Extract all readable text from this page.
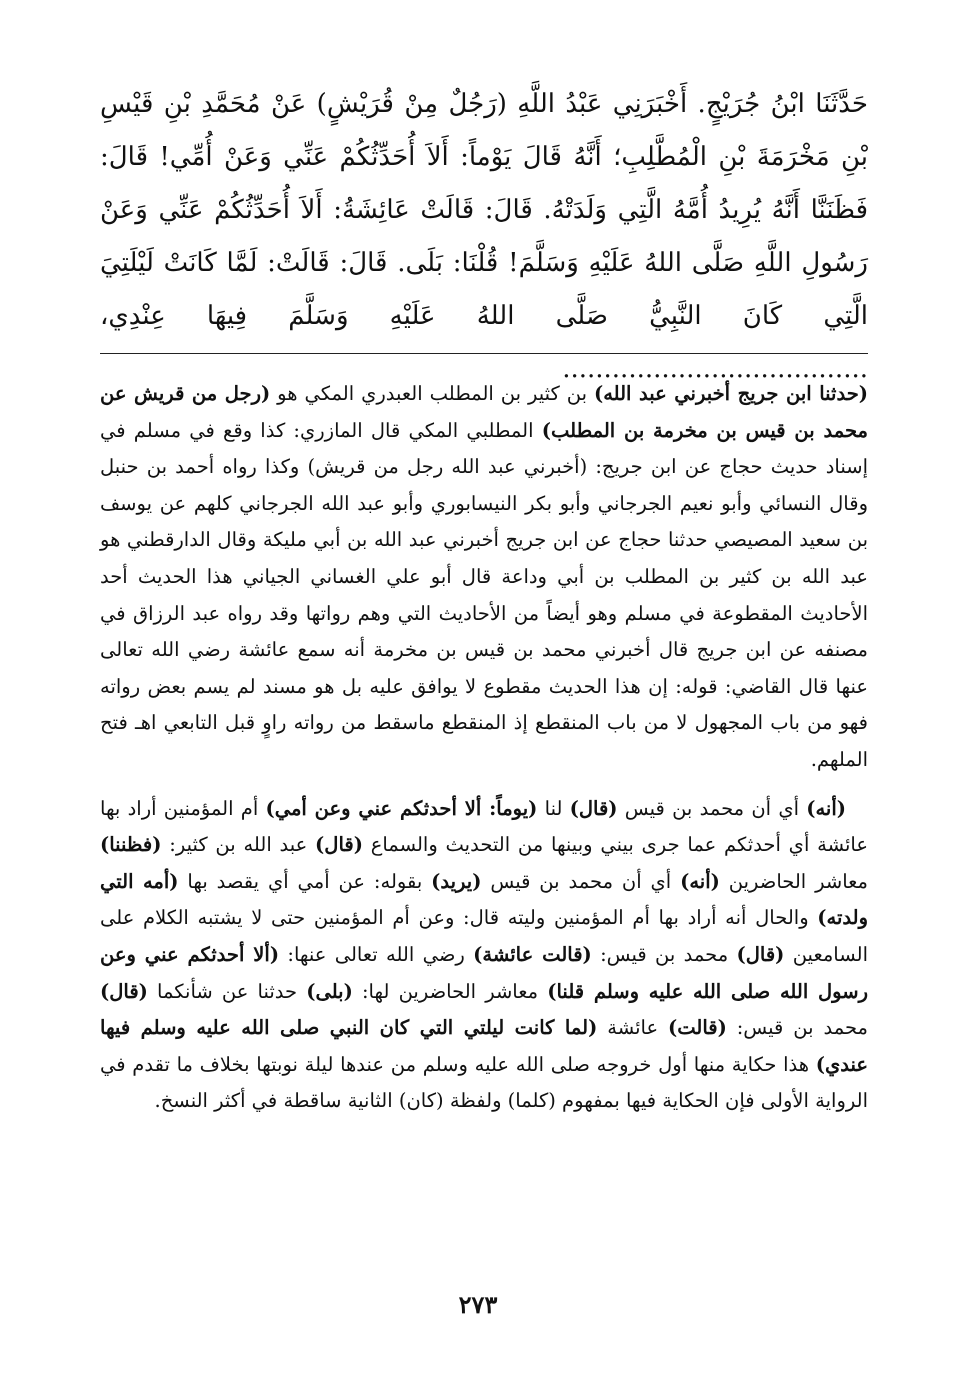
حَدَّثَنَا ابْنُ جُرَيْجٍ. أَخْبَرَنِي عَبْدُ اللَّهِ (رَجُلٌ مِنْ قُرَيْشٍ) عَنْ مُحَمَّدِ بْنِ قَيْسِ بْنِ مَخْرَمَةَ بْنِ الْمُطَّلِبِ؛ أَنَّهُ قَالَ يَوْماً: أَلاَ أُحَدِّثُكُمْ عَنِّي وَعَنْ أُمِّي! قَالَ: فَظَنَنَّا أَنَّهُ يُرِيدُ أُمَّهُ الَّتِي وَلَدَتْهُ. قَالَ: قَالَتْ عَائِشَةُ: أَلاَ أُحَدِّثُكُمْ عَنِّي وَعَنْ رَسُولِ اللَّهِ صَلَّى اللهُ عَلَيْهِ وَسَلَّمَ! قُلْنَا: بَلَى. قَالَ: قَالَتْ: لَمَّا كَانَتْ لَيْلَتِيَ الَّتِي كَانَ النَّبِيُّ صَلَّى اللهُ عَلَيْهِ وَسَلَّمَ فِيهَا عِنْدِي، .....................................

(حدثنا ابن جريج أخبرني عبد الله) بن كثير بن المطلب العبدري المكي هو (رجل من قريش عن محمد بن قيس بن مخرمة بن المطلب) المطلبي المكي قال المازري: كذا وقع في مسلم في إسناد حديث حجاج عن ابن جريج: (أخبرني عبد الله رجل من قريش) وكذا رواه أحمد بن حنبل وقال النسائي وأبو نعيم الجرجاني وأبو بكر النيسابوري وأبو عبد الله الجرجاني كلهم عن يوسف بن سعيد المصيصي حدثنا حجاج عن ابن جريج أخبرني عبد الله بن أبي مليكة وقال الدارقطني هو عبد الله بن كثير بن المطلب بن أبي وداعة قال أبو علي الغساني الجياني هذا الحديث أحد الأحاديث المقطوعة في مسلم وهو أيضاً من الأحاديث التي وهم رواتها وقد رواه عبد الرزاق في مصنفه عن ابن جريج قال أخبرني محمد بن قيس بن مخرمة أنه سمع عائشة رضي الله تعالى عنها قال القاضي: قوله: إن هذا الحديث مقطوع لا يوافق عليه بل هو مسند لم يسم بعض رواته فهو من باب المجهول لا من باب المنقطع إذ المنقطع ماسقط من رواته راوٍ قبل التابعي اهـ فتح الملهم.

(أنه) أي أن محمد بن قيس (قال) لنا (يوماً: ألا أحدثكم عني وعن أمي) أم المؤمنين أراد بها عائشة أي أحدثكم عما جرى بيني وبينها من التحديث والسماع (قال) عبد الله بن كثير: (فظننا) معاشر الحاضرين (أنه) أي أن محمد بن قيس (يريد) بقوله: عن أمي أي يقصد بها (أمه التي ولدته) والحال أنه أراد بها أم المؤمنين وليته قال: وعن أم المؤمنين حتى لا يشتبه الكلام على السامعين (قال) محمد بن قيس: (قالت عائشة) رضي الله تعالى عنها: (ألا أحدثكم عني وعن رسول الله صلى الله عليه وسلم قلنا) معاشر الحاضرين لها: (بلى) حدثنا عن شأنكما (قال) محمد بن قيس: (قالت) عائشة (لما كانت ليلتي التي كان النبي صلى الله عليه وسلم فيها عندي) هذا حكاية منها أول خروجه صلى الله عليه وسلم من عندها ليلة نوبتها بخلاف ما تقدم في الرواية الأولى فإن الحكاية فيها بمفهوم (كلما) ولفظة (كان) الثانية ساقطة في أكثر النسخ.

٢٧٣
